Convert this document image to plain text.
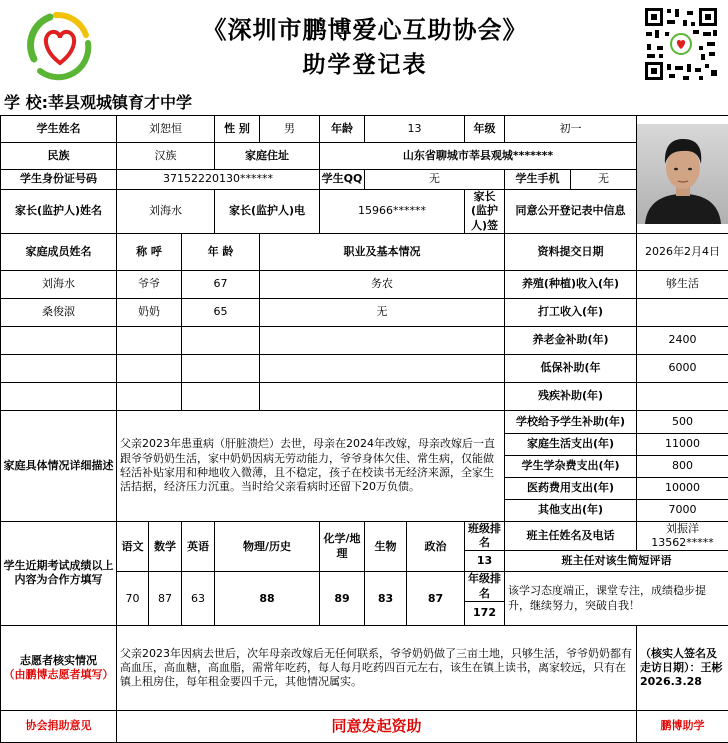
《深圳市鹏博爱心互助协会》
助学登记表
学 校:莘县观城镇育才中学
学生姓名	刘恕恒			性 别	男	年龄	13		年级	初一	

民族	汉族			家庭住址		山东省聊城市莘县观城*******						
学生身份证号码	37152220130******					学生QQ	无			学生手机	无	
家长(监护人)姓名	刘海水			家长(监护人)电		15966******			家长(监护人)签	同意公开登记表中信息		
家庭成员姓名	称 呼		年 龄		职业及基本情况					资料提交日期		2026年2月4日
刘海水	爷爷		67		务农					养殖(种植)收入(年)		够生活
桑俊淑	奶奶		65		无					打工收入(年)		
										养老金补助(年)		2400
										低保补助(年		6000
										残疾补助(年)		
家庭具体情况详细描述	父亲2023年患重病（肝脏溃烂）去世，母亲在2024年改嫁，母亲改嫁后一直跟爷爷奶奶生活，家中奶奶因病无劳动能力，爷爷身体欠佳、常生病，仅能做轻活补贴家用和种地收入微薄，且不稳定，孩子在校读书无经济来源，全家生活拮据，经济压力沉重。当时给父亲看病时还留下20万负债。									学校给予学生补助(年)		500
										家庭生活支出(年)		11000
										学生学杂费支出(年)		800
										医药费用支出(年)		10000
										其他支出(年)		7000
学生近期考试成绩以上内容为合作方填写	语文	数学	英语	物理/历史		化学/地理	生物	政治	班级排名	班主任姓名及电话		刘振洋13562*****
									13	班主任对该生简短评语		
	70	87	63	88		89	83	87	年级排名	该学习态度端正，课堂专注，成绩稳步提升，继续努力，突破自我！		
									172			

志愿者核实情况
（由鹏博志愿者填写）	父亲2023年因病去世后，次年母亲改嫁后无任何联系，爷爷奶奶做了三亩土地，只够生活，爷爷奶奶都有高血压，高血糖，高血脂，需常年吃药，每人每月吃药四百元左右，该生在镇上读书，离家较远，只有在镇上租房住，每年租金要四千元，其他情况属实。											（核实人签名及走访日期）：王彬 2026.3.28
协会捐助意见	同意发起资助											鹏博助学
